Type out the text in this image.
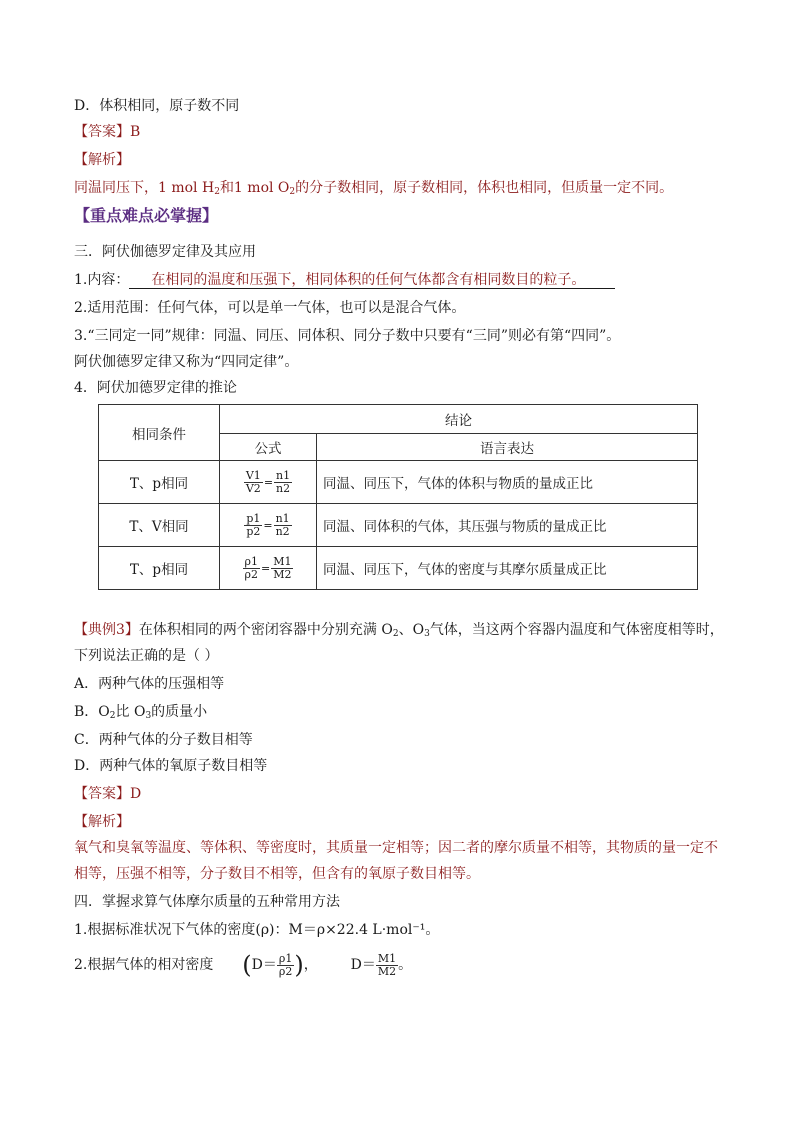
D．体积相同，原子数不同
【答案】B
【解析】
同温同压下，1 mol $H_2$和1 mol $O_2$的分子数相同，原子数相同，体积也相同，但质量一定不同。
【重点难点必掌握】
三．阿伏伽德罗定律及其应用
1.内容： 在相同的温度和压强下，相同体积的任何气体都含有相同数目的粒子。
2.适用范围：任何气体，可以是单一气体，也可以是混合气体。
3.“三同定一同”规律：同温、同压、同体积、同分子数中只要有“三同”则必有第“四同”。
阿伏伽德罗定律又称为“四同定律”。
4．阿伏加德罗定律的推论
相同条件	结论	
	公式	语言表达
T、p相同	$\frac{V1}{V2} = \frac{n1}{n2}$	同温、同压下，气体的体积与物质的量成正比
T、V相同	$\frac{p1}{p2} = \frac{n1}{n2}$	同温、同体积的气体，其压强与物质的量成正比
T、p相同	$\frac{\rho 1}{\rho 2} = \frac{M1}{M2}$	同温、同压下，气体的密度与其摩尔质量成正比
【典例3】在体积相同的两个密闭容器中分别充满 $O_2$、$O_3$气体，当这两个容器内温度和气体密度相等时，
下列说法正确的是（ ）
A．两种气体的压强相等
B．$O_2$比 $O_3$的质量小
C．两种气体的分子数目相等
D．两种气体的氧原子数目相等
【答案】D
【解析】
氧气和臭氧等温度、等体积、等密度时，其质量一定相等；因二者的摩尔质量不相等，其物质的量一定不
相等，压强不相等，分子数目不相等，但含有的氧原子数目相等。
四．掌握求算气体摩尔质量的五种常用方法
1.根据标准状况下气体的密度(ρ)：M＝ρ×22.4 L·mol⁻¹。
2.根据气体的相对密度 ($D= \frac{\rho 1}{\rho 2}$ )， $D= \frac{M1}{M2}$ 。
